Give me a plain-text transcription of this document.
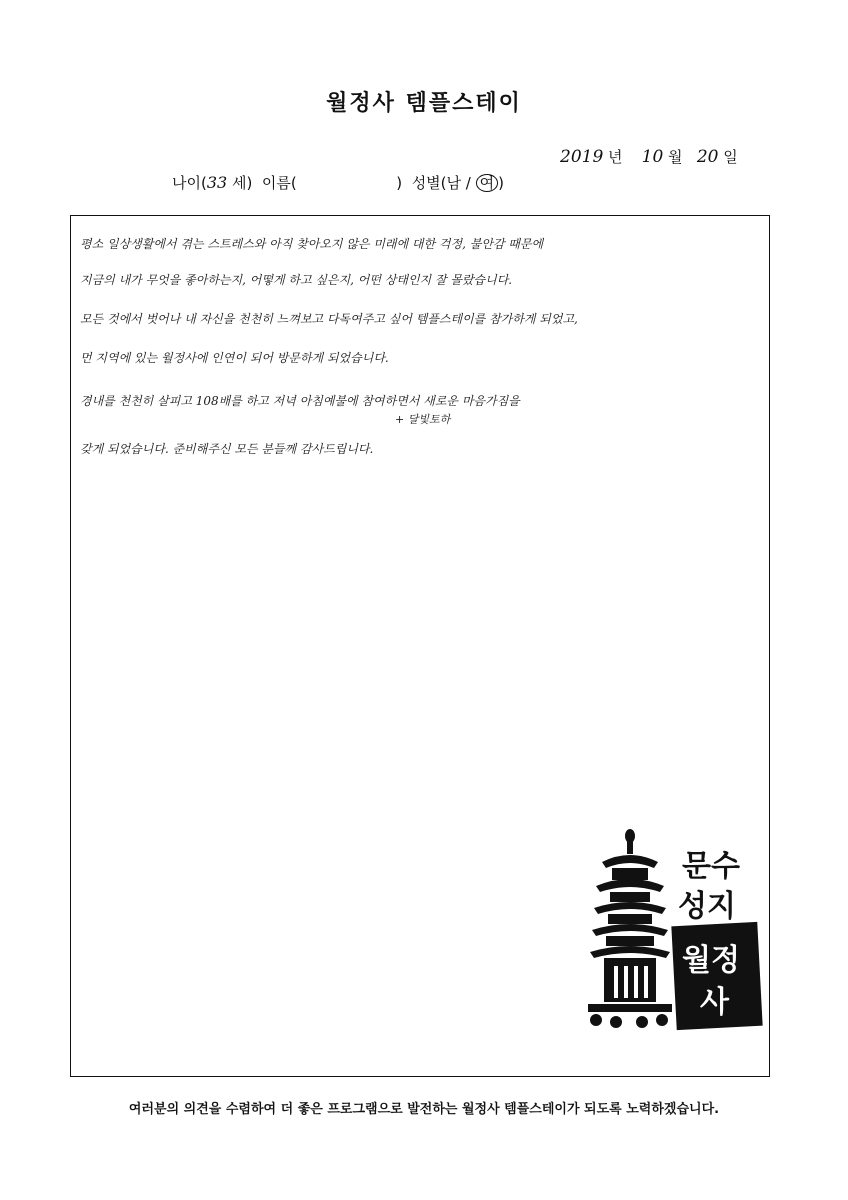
월정사 템플스테이
2019 년 10 월 20 일
나이(33 세) 이름(	) 성별(남 / 여 )
평소 일상생활에서 겪는 스트레스와 아직 찾아오지 않은 미래에 대한 걱정, 불안감 때문에
지금의 내가 무엇을 좋아하는지, 어떻게 하고 싶은지, 어떤 상태인지 잘 몰랐습니다.
모든 것에서 벗어나 내 자신을 천천히 느껴보고 다독여주고 싶어 템플스테이를 참가하게 되었고,
먼 지역에 있는 월정사에 인연이 되어 방문하게 되었습니다.
경내를 천천히 살피고 108배를 하고 저녁 아침예불에 참여하면서 새로운 마음가짐을
+ 달빛토하
갖게 되었습니다. 준비해주신 모든 분들께 감사드립니다.
문수
성지
월정
사
여러분의 의견을 수렴하여 더 좋은 프로그램으로 발전하는 월정사 템플스테이가 되도록 노력하겠습니다.
